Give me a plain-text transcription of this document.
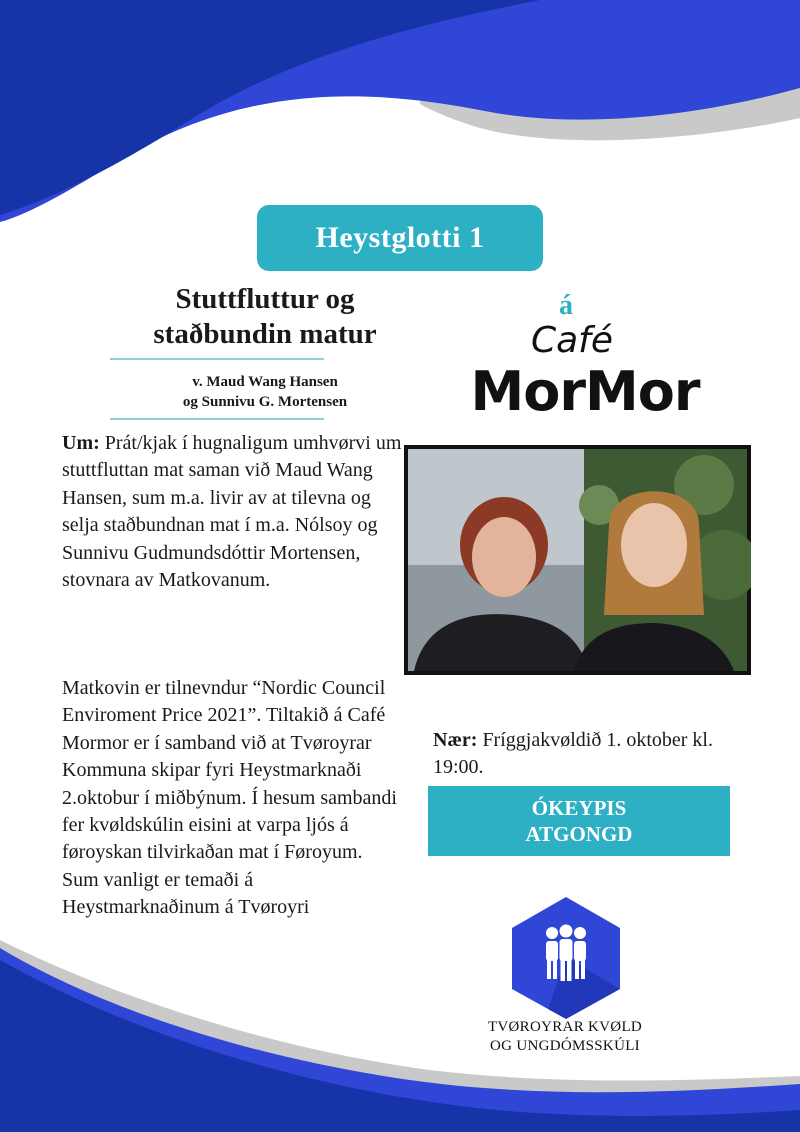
Heystglotti 1
Stuttfluttur og
staðbundin matur
v. Maud Wang Hansen
og Sunnivu G. Mortensen
Um: Prát/kjak í hugnaligum umhvørvi um stuttfluttan mat saman við Maud Wang Hansen, sum m.a. livir av at tilevna og selja staðbundnan mat í m.a. Nólsoy og Sunnivu Gudmundsdóttir Mortensen, stovnara av Matkovanum.
Matkovin er tilnevndur “Nordic Council Enviroment Price 2021”. Tiltakið á Café Mormor er í samband við at Tvøroyrar Kommuna skipar fyri Heystmarknaði 2.oktobur í miðbýnum. Í hesum sambandi fer kvøldskúlin eisini at varpa ljós á føroyskan tilvirkaðan mat í Føroyum. Sum vanligt er temaði á Heystmarknaðinum á Tvøroyri
á
Café
MorMor
Nær: Fríggjakvøldið 1. oktober kl. 19:00.
ÓKEYPIS
ATGONGD
TVØROYRAR KVØLD
OG UNGDÓMSSKÚLI
